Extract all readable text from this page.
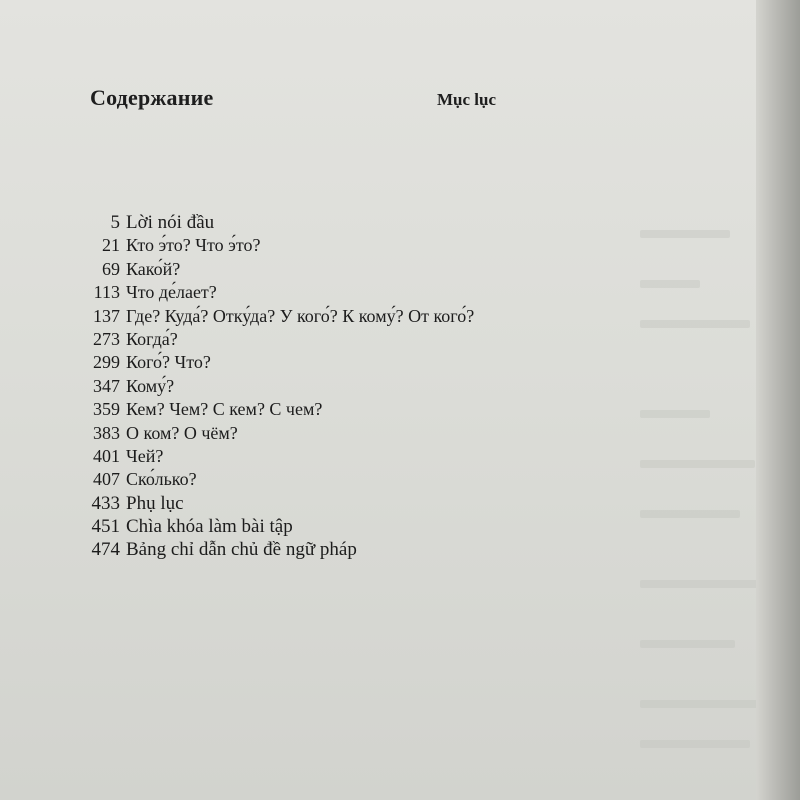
Содержание	Mục lục
5 Lời nói đầu
21 Кто э́то? Что э́то?
69 Како́й?
113 Что де́лает?
137 Где? Куда́? Отку́да? У кого́? К кому́? От кого́?
273 Когда́?
299 Кого́? Что?
347 Кому́?
359 Кем? Чем? С кем? С чем?
383 О ком? О чём?
401 Чей?
407 Ско́лько?
433 Phụ lục
451 Chìa khóa làm bài tập
474 Bảng chỉ dẫn chủ đề ngữ pháp
